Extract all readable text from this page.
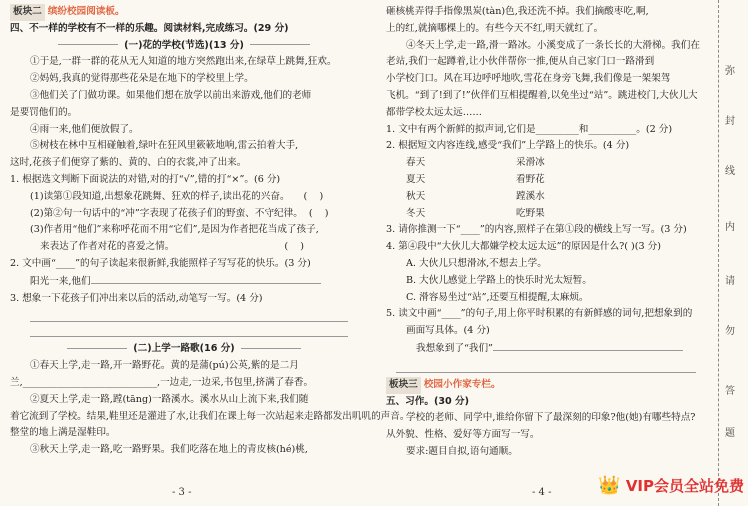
板块二 缤纷校园阅读板。
四、不一样的学校有不一样的乐趣。阅读材料,完成练习。(29 分)
(一)花的学校(节选)(13 分)
①于是,一群一群的花从无人知道的地方突然跑出来,在绿草上跳舞,狂欢。
②妈妈,我真的觉得那些花朵是在地下的学校里上学。
③他们关了门做功课。如果他们想在放学以前出来游戏,他们的老师
是要罚他们的。
④雨一来,他们便放假了。
⑤树枝在林中互相碰触着,绿叶在狂风里簌簌地响,雷云拍着大手,
这时,花孩子们便穿了紫的、黄的、白的衣裳,冲了出来。
1. 根据选文判断下面说法的对错,对的打“√”,错的打“×”。(6 分)
(1)读第①段知道,出想象花跳舞、狂欢的样子,读出花的兴奋。 (    )
(2)第②句一句话中的“冲”字表现了花孩子们的野蛮、不守纪律。 (    )
(3)作者用“他们”来称呼花而不用“它们”,是因为作者把花当成了孩子,
来表达了作者对花的喜爱之情。	(    )
2. 文中画“____”的句子读起来很新鲜,我能照样子写写花的快乐。(3 分)
阳光一来,他们
3. 想象一下花孩子们冲出来以后的活动,动笔写一写。(4 分)
(二)上学一路歌(16 分)
①春天上学,走一路,开一路野花。黄的是蒲(pú)公英,紫的是二月
兰,____________________________,一边走,一边采,书包里,挤满了春香。
②夏天上学,走一路,蹚(tāng)一路溪水。溪水从山上流下来,我们随
着它流到了学校。结果,鞋里还是灌进了水,让我们在课上每一次站起来走路都发出叽叽的声音。
整堂的地上满是湿鞋印。
③秋天上学,走一路,吃一路野果。我们吃落在地上的青皮核(hé)桃,
- 3 -
砸核桃弄得手指像黑炭(tàn)色,我还洗不掉。我们摘酸枣吃,啊,
上的红,就摘哪棵上的。有些今天不红,明天就红了。
④冬天上学,走一路,滑一路冰。小溪变成了一条长长的大滑梯。我们在
老站,我们一起蹲着,让小伙伴帮你一推,便从自己家门口一路滑到
小学校门口。风在耳边呼呼地吹,雪花在身旁飞舞,我们像是一架架驾
飞机。“到了!到了!”伙伴们互相提醒着,以免坐过“站”。跳进校门,大伙儿大
都带学校太远太远……
1. 文中有两个新鲜的拟声词,它们是_________和__________。(2 分)
2. 根据短文内容连线,感受“我们”上学路上的快乐。(4 分)
春天	采滑冰
夏天	看野花
秋天	蹚溪水
冬天	吃野果
3. 请你推测一下“____”的内容,照样子在第①段的横线上写一写。(3 分)
4. 第④段中“大伙儿大都嫌学校太远太远”的原因是什么?( )(3 分)
A. 大伙儿只想滑冰,不想去上学。
B. 大伙儿感觉上学路上的快乐时光太短暂。
C. 滑容易坐过“站”,还要互相提醒,太麻烦。
5. 读文中画“____”的句子,用上你平时积累的有新鲜感的词句,把想象到的
画面写具体。(4 分)
我想象到了“我们”
板块三 校园小作家专栏。
五、习作。(30 分)
学校的老师、同学中,谁给你留下了最深刻的印象?他(她)有哪些特点?
从外貌、性格、爱好等方面写一写。
要求:题目自拟,语句通顺。
- 4 -
弥
封
线
内
请
勿
答
题
👑 VIP会员全站免费
